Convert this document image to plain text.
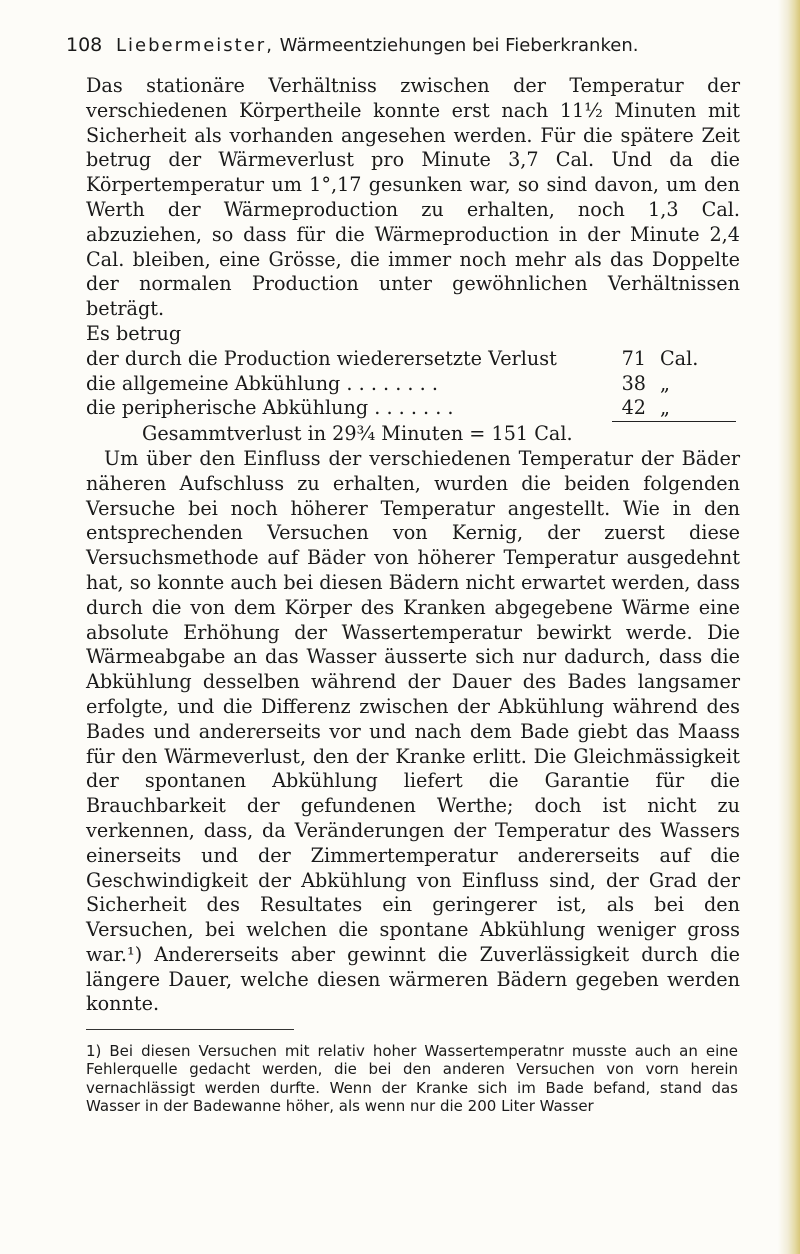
108 Liebermeister, Wärmeentziehungen bei Fieberkranken.

Das stationäre Verhältniss zwischen der Temperatur der verschiedenen Körpertheile konnte erst nach 11½ Minuten mit Sicherheit als vorhanden angesehen werden. Für die spätere Zeit betrug der Wärmeverlust pro Minute 3,7 Cal. Und da die Körpertemperatur um 1°,17 gesunken war, so sind davon, um den Werth der Wärmeproduction zu erhalten, noch 1,3 Cal. abzuziehen, so dass für die Wärmeproduction in der Minute 2,4 Cal. bleiben, eine Grösse, die immer noch mehr als das Doppelte der normalen Production unter gewöhnlichen Verhältnissen beträgt.

Es betrug

der durch die Production wiederersetzte Verlust	71 Cal.
die allgemeine Abkühlung . . . . . . . .	38 „
die peripherische Abkühlung . . . . . . .	42 „
Gesammtverlust in 29¾ Minuten = 151 Cal.

Um über den Einfluss der verschiedenen Temperatur der Bäder näheren Aufschluss zu erhalten, wurden die beiden folgenden Versuche bei noch höherer Temperatur angestellt. Wie in den entsprechenden Versuchen von Kernig, der zuerst diese Versuchsmethode auf Bäder von höherer Temperatur ausgedehnt hat, so konnte auch bei diesen Bädern nicht erwartet werden, dass durch die von dem Körper des Kranken abgegebene Wärme eine absolute Erhöhung der Wassertemperatur bewirkt werde. Die Wärmeabgabe an das Wasser äusserte sich nur dadurch, dass die Abkühlung desselben während der Dauer des Bades langsamer erfolgte, und die Differenz zwischen der Abkühlung während des Bades und andererseits vor und nach dem Bade giebt das Maass für den Wärmeverlust, den der Kranke erlitt. Die Gleichmässigkeit der spontanen Abkühlung liefert die Garantie für die Brauchbarkeit der gefundenen Werthe; doch ist nicht zu verkennen, dass, da Veränderungen der Temperatur des Wassers einerseits und der Zimmertemperatur andererseits auf die Geschwindigkeit der Abkühlung von Einfluss sind, der Grad der Sicherheit des Resultates ein geringerer ist, als bei den Versuchen, bei welchen die spontane Abkühlung weniger gross war.¹) Andererseits aber gewinnt die Zuverlässigkeit durch die längere Dauer, welche diesen wärmeren Bädern gegeben werden konnte.

1) Bei diesen Versuchen mit relativ hoher Wassertemperatnr musste auch an eine Fehlerquelle gedacht werden, die bei den anderen Versuchen von vorn herein vernachlässigt werden durfte. Wenn der Kranke sich im Bade befand, stand das Wasser in der Badewanne höher, als wenn nur die 200 Liter Wasser
